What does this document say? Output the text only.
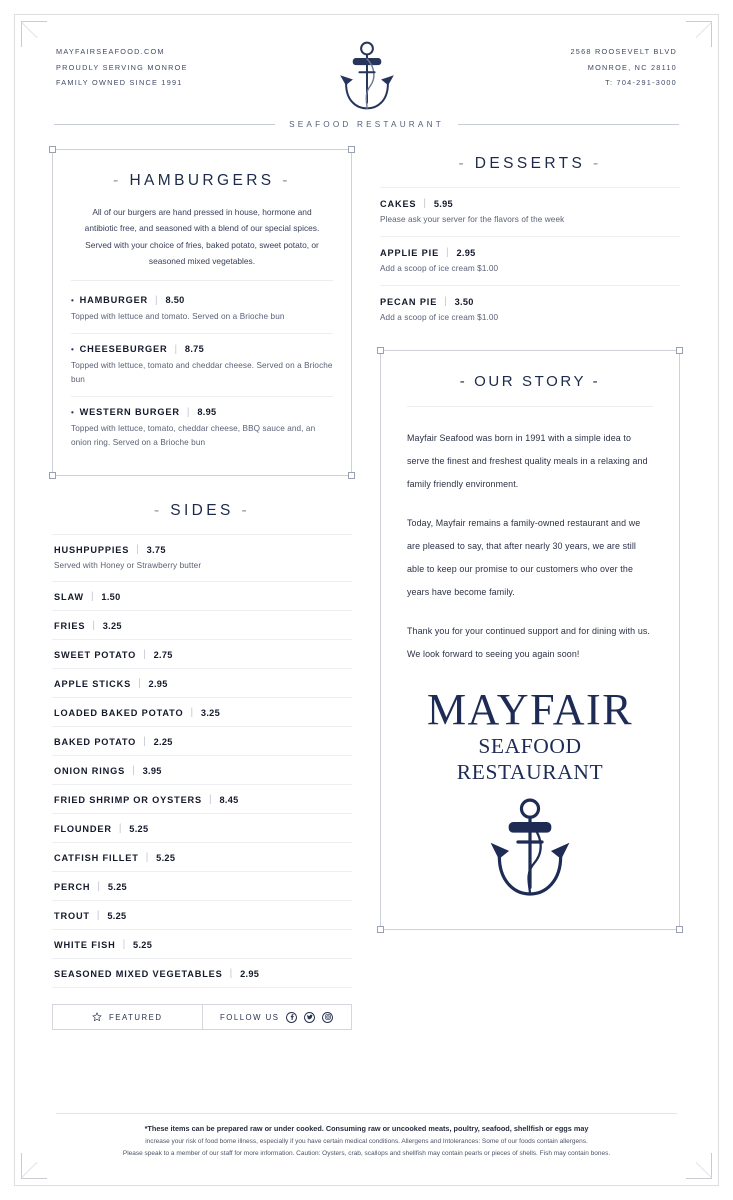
MAYFAIRSEAFOOD.COM
PROUDLY SERVING MONROE
FAMILY OWNED SINCE 1991
2568 ROOSEVELT BLVD
MONROE, NC 28110
T: 704-291-3000
SEAFOOD RESTAURANT
- HAMBURGERS -
All of our burgers are hand pressed in house, hormone and antibiotic free, and seasoned with a blend of our special spices. Served with your choice of fries, baked potato, sweet potato, or seasoned mixed vegetables.
• HAMBURGER | 8.50
Topped with lettuce and tomato. Served on a Brioche bun
• CHEESEBURGER | 8.75
Topped with lettuce, tomato and cheddar cheese. Served on a Brioche bun
• WESTERN BURGER | 8.95
Topped with lettuce, tomato, cheddar cheese, BBQ sauce and, an onion ring. Served on a Brioche bun
- SIDES -
HUSHPUPPIES | 3.75
Served with Honey or Strawberry butter
SLAW | 1.50
FRIES | 3.25
SWEET POTATO | 2.75
APPLE STICKS | 2.95
LOADED BAKED POTATO | 3.25
BAKED POTATO | 2.25
ONION RINGS | 3.95
FRIED SHRIMP OR OYSTERS | 8.45
FLOUNDER | 5.25
CATFISH FILLET | 5.25
PERCH | 5.25
TROUT | 5.25
WHITE FISH | 5.25
SEASONED MIXED VEGETABLES | 2.95
FEATURED	FOLLOW US
- DESSERTS -
CAKES | 5.95
Please ask your server for the flavors of the week
APPLIE PIE | 2.95
Add a scoop of ice cream $1.00
PECAN PIE | 3.50
Add a scoop of ice cream $1.00
- OUR STORY -
Mayfair Seafood was born in 1991 with a simple idea to serve the finest and freshest quality meals in a relaxing and family friendly environment.
Today, Mayfair remains a family-owned restaurant and we are pleased to say, that after nearly 30 years, we are still able to keep our promise to our customers who over the years have become family.
Thank you for your continued support and for dining with us. We look forward to seeing you again soon!
MAYFAIR
SEAFOOD RESTAURANT
*These items can be prepared raw or under cooked. Consuming raw or uncooked meats, poultry, seafood, shellfish or eggs may
increase your risk of food borne illness, especially if you have certain medical conditions. Allergens and Intolerances: Some of our foods contain allergens.
Please speak to a member of our staff for more information. Caution: Oysters, crab, scallops and shellfish may contain pearls or pieces of shells. Fish may contain bones.
